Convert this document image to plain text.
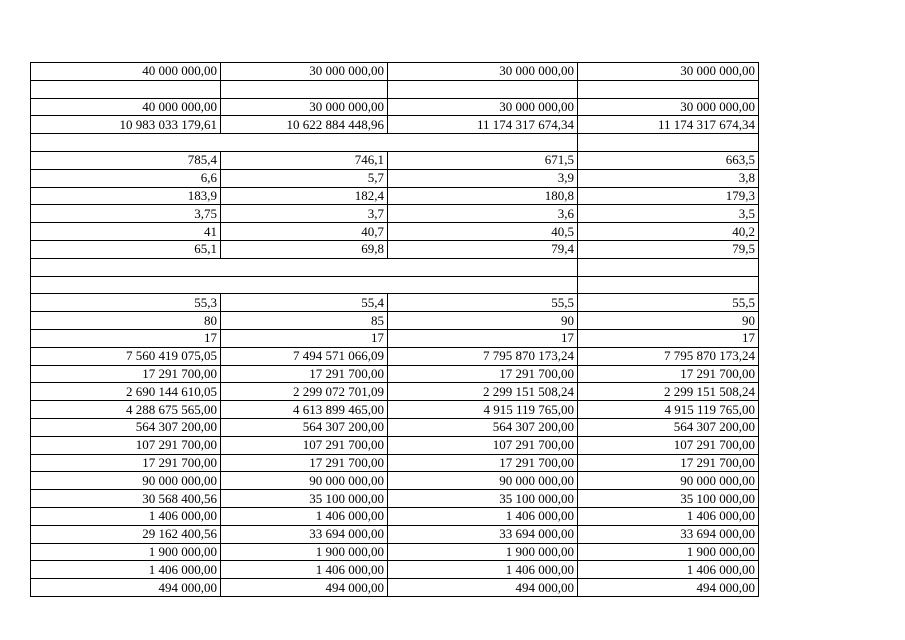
40 000 000,00	30 000 000,00	30 000 000,00	30 000 000,00

40 000 000,00	30 000 000,00	30 000 000,00	30 000 000,00
10 983 033 179,61	10 622 884 448,96	11 174 317 674,34	11 174 317 674,34

785,4	746,1	671,5	663,5
6,6	5,7	3,9	3,8
183,9	182,4	180,8	179,3
3,75	3,7	3,6	3,5
41	40,7	40,5	40,2
65,1	69,8	79,4	79,5

55,3	55,4	55,5	55,5
80	85	90	90
17	17	17	17
7 560 419 075,05	7 494 571 066,09	7 795 870 173,24	7 795 870 173,24
17 291 700,00	17 291 700,00	17 291 700,00	17 291 700,00
2 690 144 610,05	2 299 072 701,09	2 299 151 508,24	2 299 151 508,24
4 288 675 565,00	4 613 899 465,00	4 915 119 765,00	4 915 119 765,00
564 307 200,00	564 307 200,00	564 307 200,00	564 307 200,00
107 291 700,00	107 291 700,00	107 291 700,00	107 291 700,00
17 291 700,00	17 291 700,00	17 291 700,00	17 291 700,00
90 000 000,00	90 000 000,00	90 000 000,00	90 000 000,00
30 568 400,56	35 100 000,00	35 100 000,00	35 100 000,00
1 406 000,00	1 406 000,00	1 406 000,00	1 406 000,00
29 162 400,56	33 694 000,00	33 694 000,00	33 694 000,00
1 900 000,00	1 900 000,00	1 900 000,00	1 900 000,00
1 406 000,00	1 406 000,00	1 406 000,00	1 406 000,00
494 000,00	494 000,00	494 000,00	494 000,00
